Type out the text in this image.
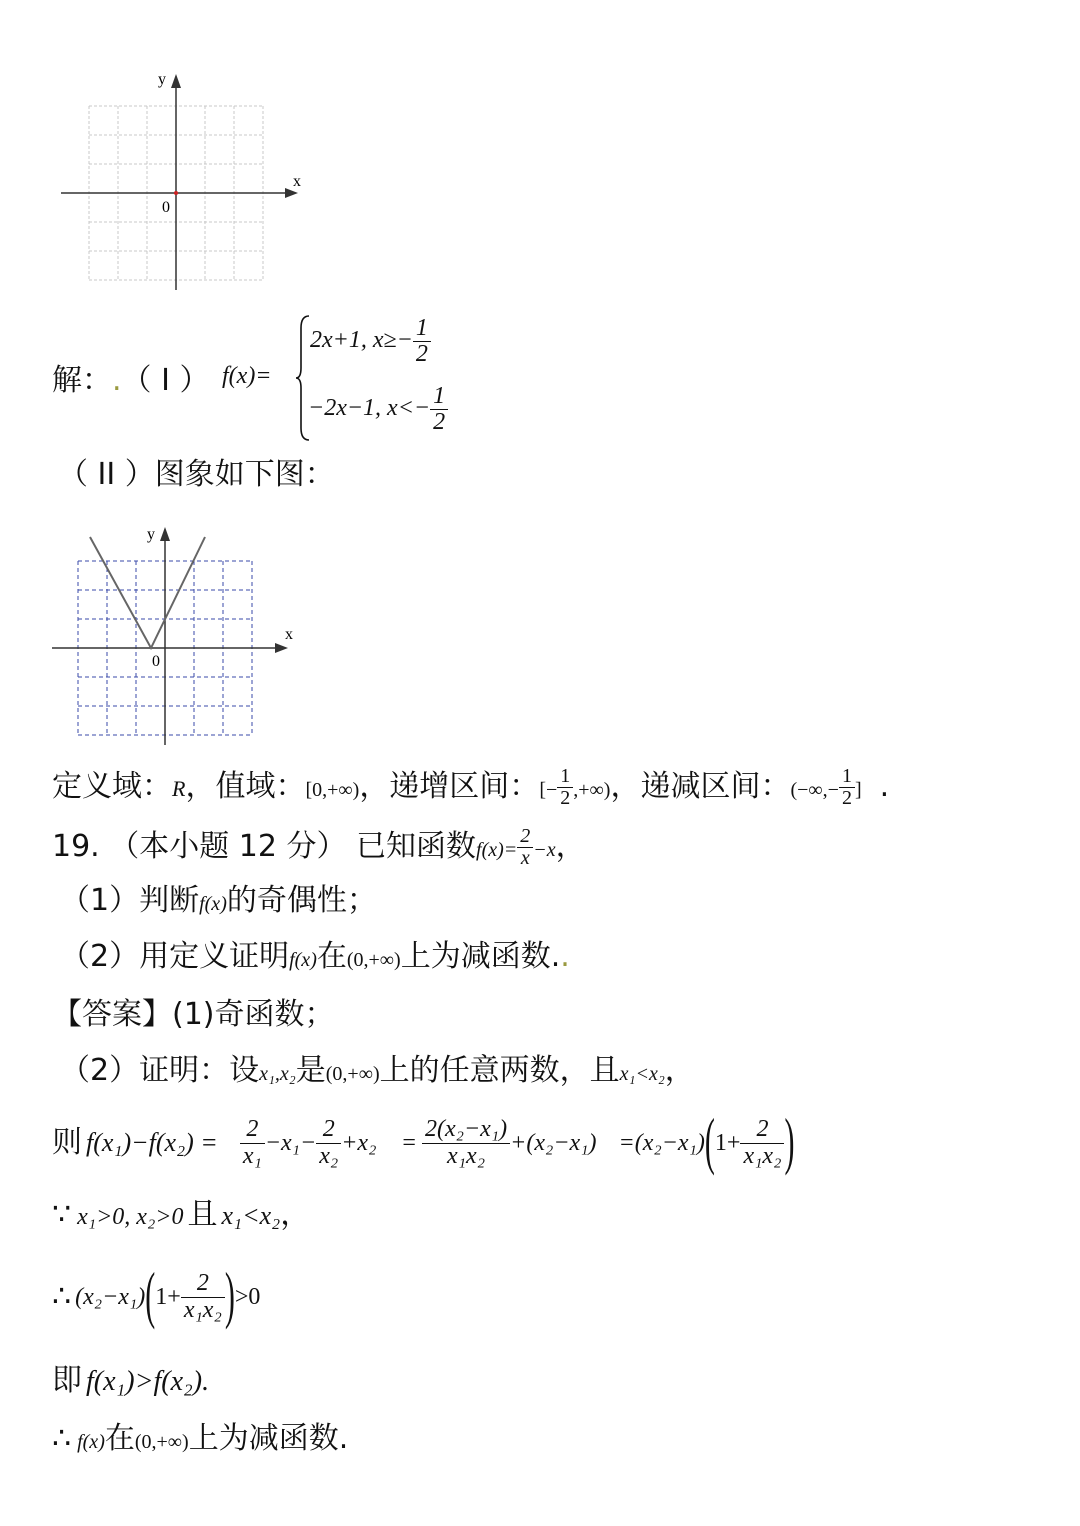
x
y
0
解：.（ I ） f(x)=
2x+1, $x\ge- \frac{1}{2}$
−2x−1, $x<- \frac{1}{2}$
（ II ）图象如下图：
x
y
0
定义域：R，值域：[0,+∞)，递增区间：[− $\frac{1}{2}$ ,+∞)，递减区间：(−∞,− $\frac{1}{2}$ ] .
19. （本小题 12 分） 已知函数$f(x)= \frac{2}{x} -x$，
（1）判断f(x)的奇偶性；
（2）用定义证明f(x)在(0,+∞)上为减函数..
【答案】(1)奇函数；
（2）证明：设x₁,x₂是(0,+∞)上的任意两数，且x₁<x₂，
则 $f(x_1)-f(x_2) = \frac{2}{\text{x₁}} -x_1- \frac{2}{\text{x₂}} +x_2 = \frac{\text{2(x₂−x₁)}}{\text{x₁x₂}} +(x_2-x_1) =(x_2-x_1)$ ( $1+ \frac{2}{\text{x₁x₂}}$ )
∵ x₁>0, x₂>0 且 x₁<x₂，
∴ (x₂−x₁) ( $1+ \frac{2}{\text{x₁x₂}}$ ) >0
即 f(x₁)>f(x₂).
∴ f(x)在(0,+∞)上为减函数.
